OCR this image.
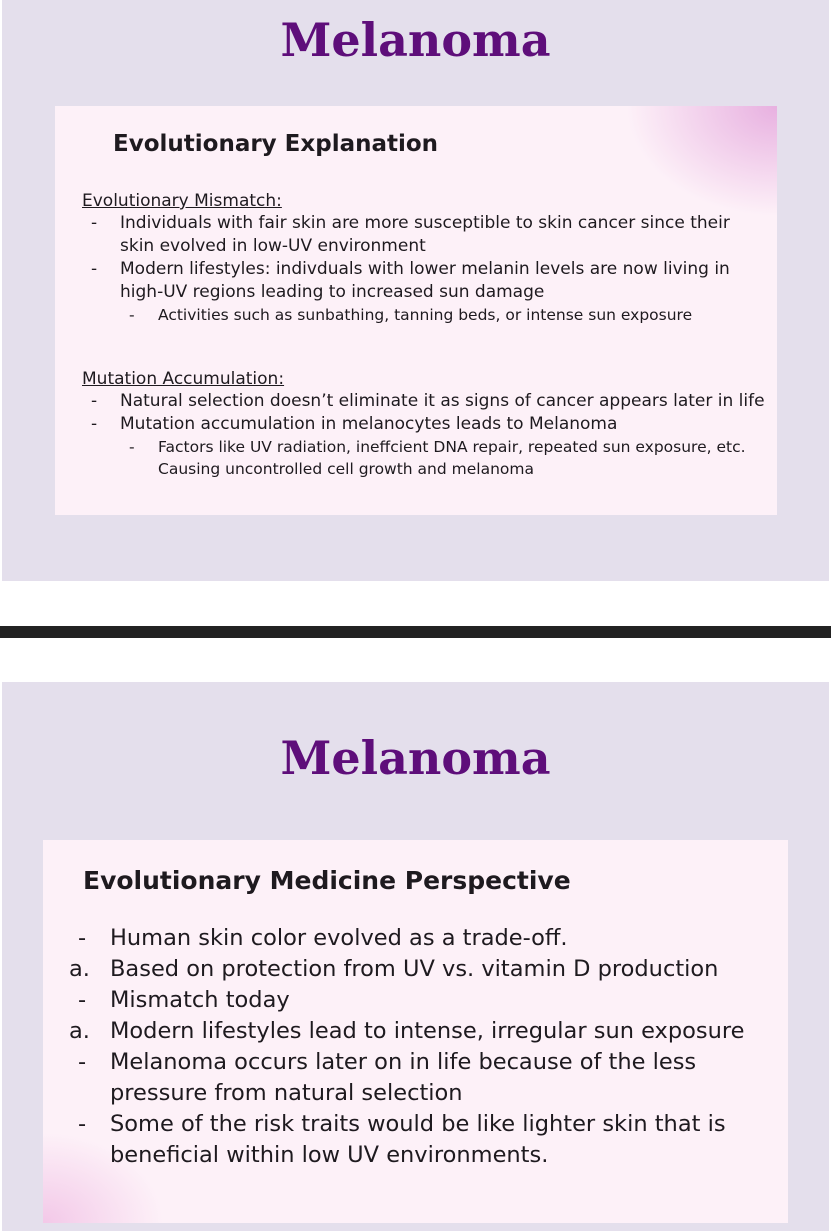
Melanoma
Evolutionary Explanation
Evolutionary Mismatch:
- Individuals with fair skin are more susceptible to skin cancer since their skin evolved in low-UV environment
- Modern lifestyles: indivduals with lower melanin levels are now living in high-UV regions leading to increased sun damage
- Activities such as sunbathing, tanning beds, or intense sun exposure
Mutation Accumulation:
- Natural selection doesn’t eliminate it as signs of cancer appears later in life
- Mutation accumulation in melanocytes leads to Melanoma
- Factors like UV radiation, ineffcient DNA repair, repeated sun exposure, etc. Causing uncontrolled cell growth and melanoma
Melanoma
Evolutionary Medicine Perspective
- Human skin color evolved as a trade-off.
a. Based on protection from UV vs. vitamin D production
- Mismatch today
a. Modern lifestyles lead to intense, irregular sun exposure
- Melanoma occurs later on in life because of the less pressure from natural selection
- Some of the risk traits would be like lighter skin that is beneficial within low UV environments.
